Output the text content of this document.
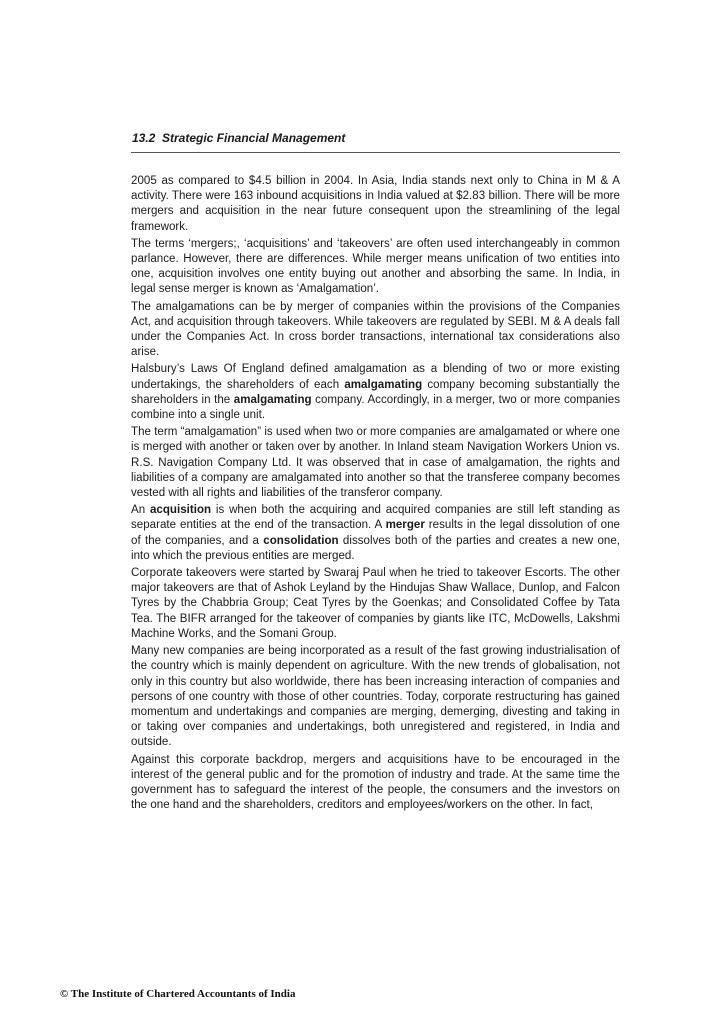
13.2 Strategic Financial Management

2005 as compared to $4.5 billion in 2004. In Asia, India stands next only to China in M & A activity. There were 163 inbound acquisitions in India valued at $2.83 billion. There will be more mergers and acquisition in the near future consequent upon the streamlining of the legal framework.

The terms ‘mergers;, ‘acquisitions’ and ‘takeovers’ are often used interchangeably in common parlance. However, there are differences. While merger means unification of two entities into one, acquisition involves one entity buying out another and absorbing the same. In India, in legal sense merger is known as ‘Amalgamation’.

The amalgamations can be by merger of companies within the provisions of the Companies Act, and acquisition through takeovers. While takeovers are regulated by SEBI. M & A deals fall under the Companies Act. In cross border transactions, international tax considerations also arise.

Halsbury’s Laws Of England defined amalgamation as a blending of two or more existing undertakings, the shareholders of each amalgamating company becoming substantially the shareholders in the amalgamating company. Accordingly, in a merger, two or more companies combine into a single unit.

The term “amalgamation” is used when two or more companies are amalgamated or where one is merged with another or taken over by another. In Inland steam Navigation Workers Union vs. R.S. Navigation Company Ltd. It was observed that in case of amalgamation, the rights and liabilities of a company are amalgamated into another so that the transferee company becomes vested with all rights and liabilities of the transferor company.

An acquisition is when both the acquiring and acquired companies are still left standing as separate entities at the end of the transaction. A merger results in the legal dissolution of one of the companies, and a consolidation dissolves both of the parties and creates a new one, into which the previous entities are merged.

Corporate takeovers were started by Swaraj Paul when he tried to takeover Escorts. The other major takeovers are that of Ashok Leyland by the Hindujas Shaw Wallace, Dunlop, and Falcon Tyres by the Chabbria Group; Ceat Tyres by the Goenkas; and Consolidated Coffee by Tata Tea. The BIFR arranged for the takeover of companies by giants like ITC, McDowells, Lakshmi Machine Works, and the Somani Group.

Many new companies are being incorporated as a result of the fast growing industrialisation of the country which is mainly dependent on agriculture. With the new trends of globalisation, not only in this country but also worldwide, there has been increasing interaction of companies and persons of one country with those of other countries. Today, corporate restructuring has gained momentum and undertakings and companies are merging, demerging, divesting and taking in or taking over companies and undertakings, both unregistered and registered, in India and outside.

Against this corporate backdrop, mergers and acquisitions have to be encouraged in the interest of the general public and for the promotion of industry and trade. At the same time the government has to safeguard the interest of the people, the consumers and the investors on the one hand and the shareholders, creditors and employees/workers on the other. In fact,

© The Institute of Chartered Accountants of India
